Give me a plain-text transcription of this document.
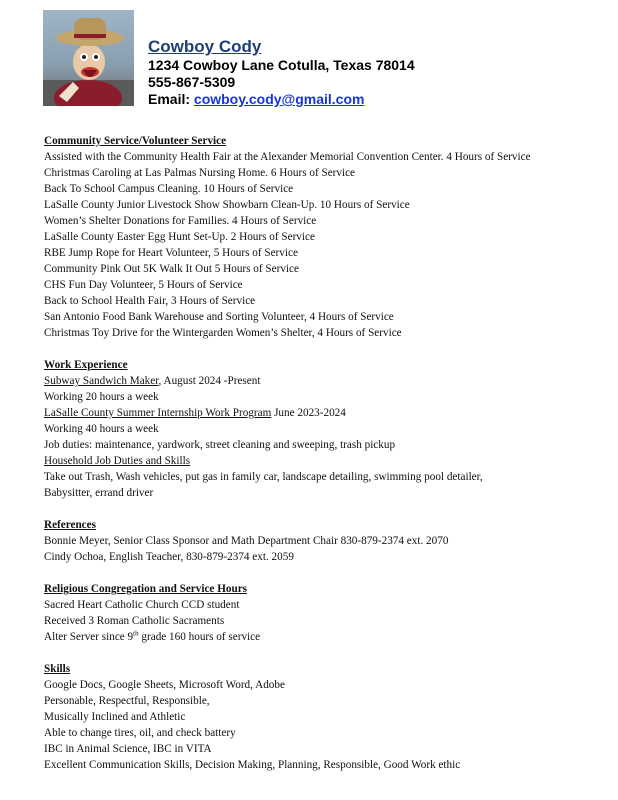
Cowboy Cody
1234 Cowboy Lane Cotulla, Texas 78014
555-867-5309
Email: cowboy.cody@gmail.com
Community Service/Volunteer Service
Assisted with the Community Health Fair at the Alexander Memorial Convention Center. 4 Hours of Service
Christmas Caroling at Las Palmas Nursing Home. 6 Hours of Service
Back To School Campus Cleaning. 10 Hours of Service
LaSalle County Junior Livestock Show Showbarn Clean-Up. 10 Hours of Service
Women’s Shelter Donations for Families. 4 Hours of Service
LaSalle County Easter Egg Hunt Set-Up. 2 Hours of Service
RBE Jump Rope for Heart Volunteer, 5 Hours of Service
Community Pink Out 5K Walk It Out 5 Hours of Service
CHS Fun Day Volunteer, 5 Hours of Service
Back to School Health Fair, 3 Hours of Service
San Antonio Food Bank Warehouse and Sorting Volunteer, 4 Hours of Service
Christmas Toy Drive for the Wintergarden Women’s Shelter, 4 Hours of Service
Work Experience
Subway Sandwich Maker, August 2024 -Present
Working 20 hours a week
LaSalle County Summer Internship Work Program June 2023-2024
Working 40 hours a week
Job duties: maintenance, yardwork, street cleaning and sweeping, trash pickup
Household Job Duties and Skills
Take out Trash, Wash vehicles, put gas in family car, landscape detailing, swimming pool detailer,
Babysitter, errand driver
References
Bonnie Meyer, Senior Class Sponsor and Math Department Chair 830-879-2374 ext. 2070
Cindy Ochoa, English Teacher, 830-879-2374 ext. 2059
Religious Congregation and Service Hours
Sacred Heart Catholic Church CCD student
Received 3 Roman Catholic Sacraments
Alter Server since 9th grade 160 hours of service
Skills
Google Docs, Google Sheets, Microsoft Word, Adobe
Personable, Respectful, Responsible,
Musically Inclined and Athletic
Able to change tires, oil, and check battery
IBC in Animal Science, IBC in VITA
Excellent Communication Skills, Decision Making, Planning, Responsible, Good Work ethic
